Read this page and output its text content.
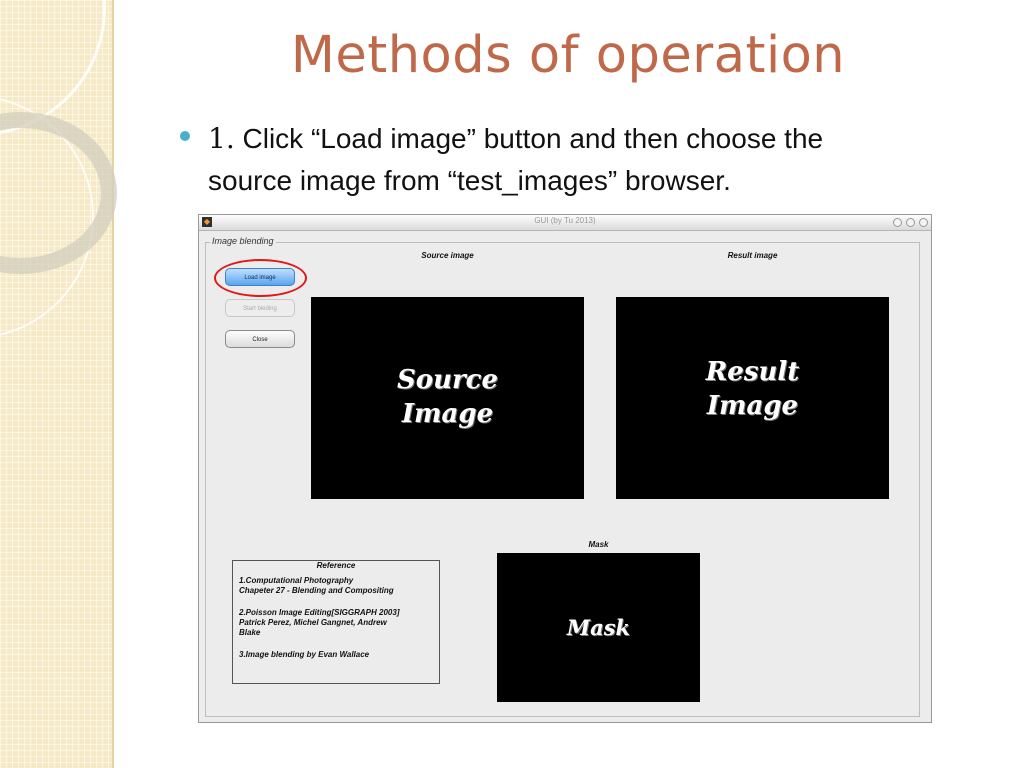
Methods of operation
1. Click “Load image” button and then choose the
source image from “test_images” browser.
◆	GUI (by Tu 2013)
Image blending
Load image
Start bleding
Close
Source image	Result image
Mask
Source
Image
Result
Image
Mask
Reference
1.Computational Photography
Chapeter 27 - Blending and Compositing
2.Poisson Image Editing[SIGGRAPH 2003]
Patrick Perez, Michel Gangnet, Andrew
Blake
3.Image blending by Evan Wallace
